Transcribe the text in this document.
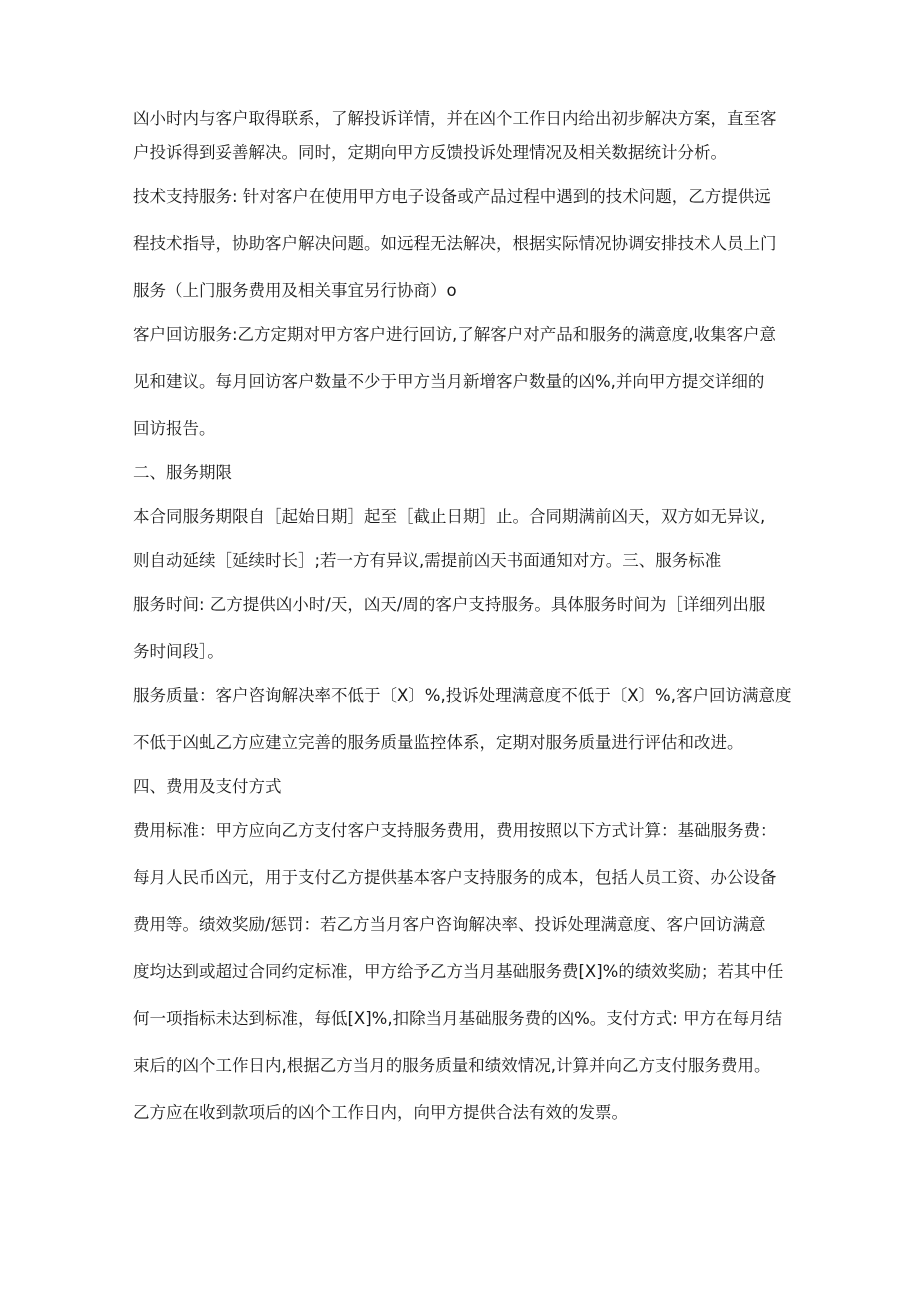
凶小时内与客户取得联系，了解投诉详情，并在凶个工作日内给出初步解决方案，直至客
户投诉得到妥善解决。同时，定期向甲方反馈投诉处理情况及相关数据统计分析。
技术支持服务: 针对客户在使用甲方电子设备或产品过程中遇到的技术问题，乙方提供远
程技术指导，协助客户解决问题。如远程无法解决，根据实际情况协调安排技术人员上门
服务（上门服务费用及相关事宜另行协商）o
客户回访服务:乙方定期对甲方客户进行回访,了解客户对产品和服务的满意度,收集客户意
见和建议。每月回访客户数量不少于甲方当月新增客户数量的凶%,并向甲方提交详细的
回访报告。
二、服务期限
本合同服务期限自［起始日期］起至［截止日期］止。合同期满前凶天，双方如无异议,
则自动延续［延续时长］;若一方有异议,需提前凶天书面通知对方。三、服务标准
服务时间: 乙方提供凶小时/天，凶天/周的客户支持服务。具体服务时间为［详细列出服
务时间段］。
服务质量：客户咨询解决率不低于〔X〕%,投诉处理满意度不低于〔X〕%,客户回访满意度
不低于凶虬乙方应建立完善的服务质量监控体系，定期对服务质量进行评估和改进。
四、费用及支付方式
费用标准：甲方应向乙方支付客户支持服务费用，费用按照以下方式计算：基础服务费：
每月人民币凶元，用于支付乙方提供基本客户支持服务的成本，包括人员工资、办公设备
费用等。绩效奖励/惩罚：若乙方当月客户咨询解决率、投诉处理满意度、客户回访满意
度均达到或超过合同约定标准，甲方给予乙方当月基础服务费[X]%的绩效奖励；若其中任
何一项指标未达到标准，每低[X]%,扣除当月基础服务费的凶%。支付方式: 甲方在每月结
束后的凶个工作日内,根据乙方当月的服务质量和绩效情况,计算并向乙方支付服务费用。
乙方应在收到款项后的凶个工作日内，向甲方提供合法有效的发票。
